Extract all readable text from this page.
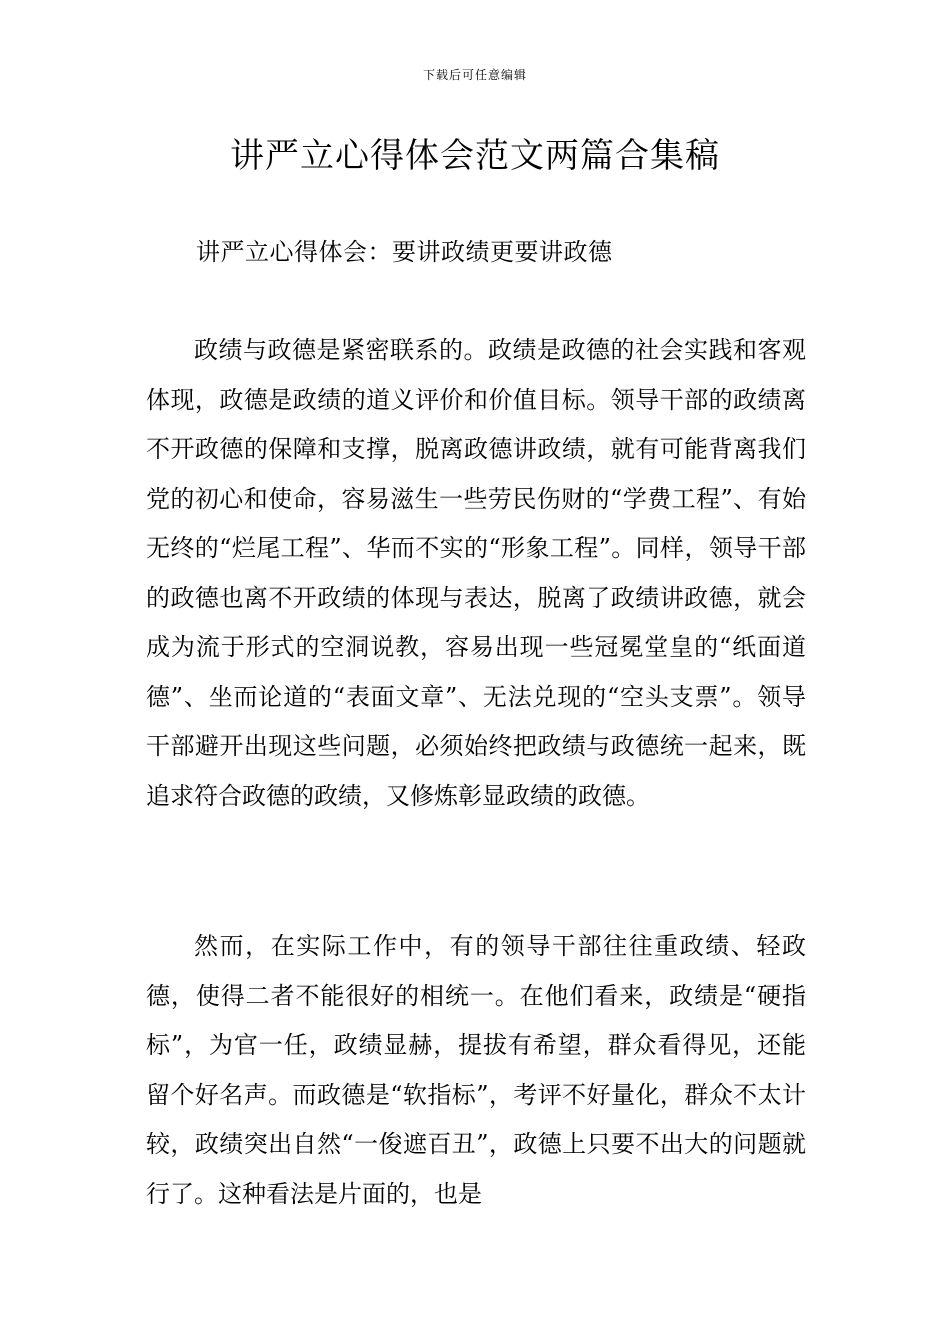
下载后可任意编辑
讲严立心得体会范文两篇合集稿
讲严立心得体会：要讲政绩更要讲政德

政绩与政德是紧密联系的。政绩是政德的社会实践和客观体现，政德是政绩的道义评价和价值目标。领导干部的政绩离不开政德的保障和支撑，脱离政德讲政绩，就有可能背离我们党的初心和使命，容易滋生一些劳民伤财的“学费工程”、有始无终的“烂尾工程”、华而不实的“形象工程”。同样，领导干部的政德也离不开政绩的体现与表达，脱离了政绩讲政德，就会成为流于形式的空洞说教，容易出现一些冠冕堂皇的“纸面道德”、坐而论道的“表面文章”、无法兑现的“空头支票”。领导干部避开出现这些问题，必须始终把政绩与政德统一起来，既追求符合政德的政绩，又修炼彰显政绩的政德。

然而，在实际工作中，有的领导干部往往重政绩、轻政德，使得二者不能很好的相统一。在他们看来，政绩是“硬指标”，为官一任，政绩显赫，提拔有希望，群众看得见，还能留个好名声。而政德是“软指标”，考评不好量化，群众不太计较，政绩突出自然“一俊遮百丑”，政德上只要不出大的问题就行了。这种看法是片面的，也是
